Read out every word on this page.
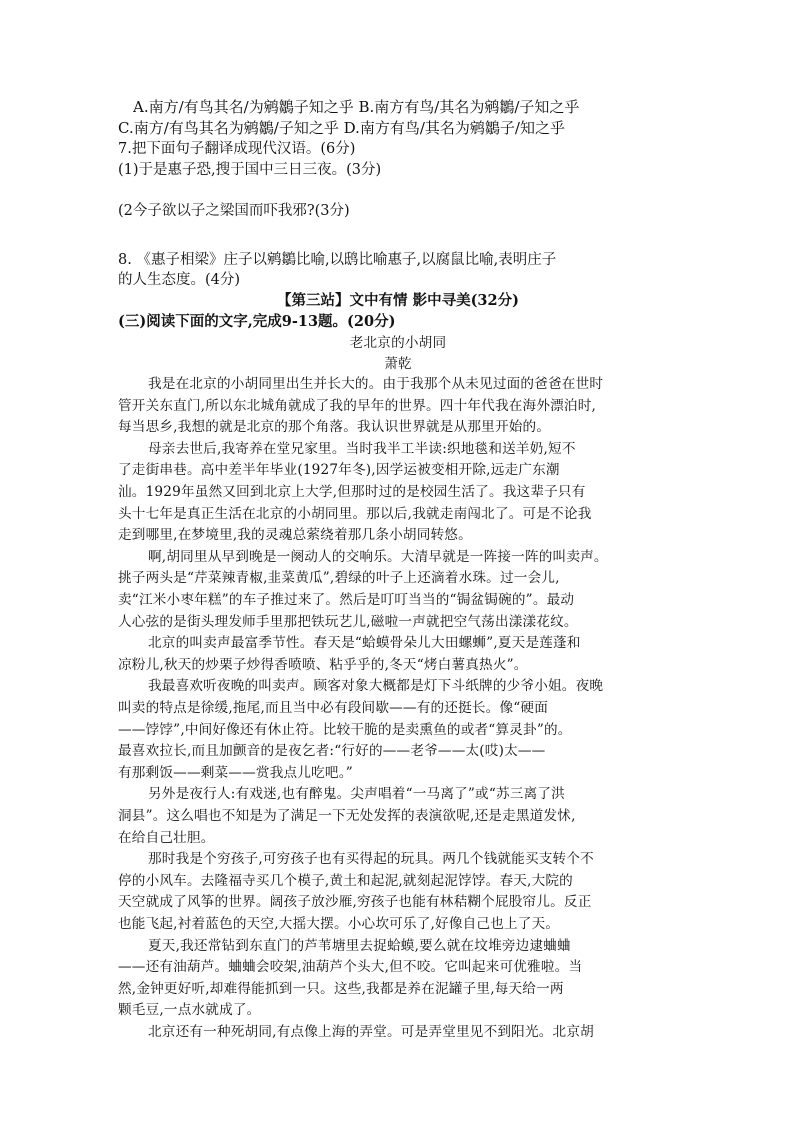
A.南方/有鸟其名/为鹓鶵子知之乎 B.南方有鸟/其名为鹓鶵/子知之乎
C.南方/有鸟其名为鹓鶵/子知之乎 D.南方有鸟/其名为鹓鶵子/知之乎
7.把下面句子翻译成现代汉语。(6分)
(1)于是惠子恐,搜于国中三日三夜。(3分)
(2今子欲以子之梁国而吓我邪?(3分)
8. 《惠子相梁》庄子以鹓鶵比喻,以鸱比喻惠子,以腐鼠比喻,表明庄子
的人生态度。(4分)
【第三站】文中有情 影中寻美(32分)
(三)阅读下面的文字,完成9-13题。(20分)
老北京的小胡同
萧乾
我是在北京的小胡同里出生并长大的。由于我那个从未见过面的爸爸在世时
管开关东直门,所以东北城角就成了我的早年的世界。四十年代我在海外漂泊时,
每当思乡,我想的就是北京的那个角落。我认识世界就是从那里开始的。
母亲去世后,我寄养在堂兄家里。当时我半工半读:织地毯和送羊奶,短不
了走街串巷。高中差半年毕业(1927年冬),因学运被变相开除,远走广东潮
汕。1929年虽然又回到北京上大学,但那时过的是校园生活了。我这辈子只有
头十七年是真正生活在北京的小胡同里。那以后,我就走南闯北了。可是不论我
走到哪里,在梦境里,我的灵魂总萦绕着那几条小胡同转悠。
啊,胡同里从早到晚是一阕动人的交响乐。大清早就是一阵接一阵的叫卖声。
挑子两头是“芹菜辣青椒,韭菜黄瓜”,碧绿的叶子上还滴着水珠。过一会儿,
卖“江米小枣年糕”的车子推过来了。然后是叮叮当当的“锔盆锔碗的”。最动
人心弦的是街头理发师手里那把铁玩艺儿,磁啦一声就把空气荡出漾漾花纹。
北京的叫卖声最富季节性。春天是“蛤蟆骨朵儿大田螺蛳”,夏天是莲蓬和
凉粉儿,秋天的炒栗子炒得香喷喷、粘乎乎的,冬天“烤白薯真热火”。
我最喜欢听夜晚的叫卖声。顾客对象大概都是灯下斗纸牌的少爷小姐。夜晚
叫卖的特点是徐缓,拖尾,而且当中必有段间歇——有的还挺长。像“硬面
——饽饽”,中间好像还有休止符。比较干脆的是卖熏鱼的或者“算灵卦”的。
最喜欢拉长,而且加颤音的是夜乞者:“行好的——老爷——太(哎)太——
有那剩饭——剩菜——赏我点儿吃吧。”
另外是夜行人:有戏迷,也有醉鬼。尖声唱着“一马离了”或“苏三离了洪
洞县”。这么唱也不知是为了满足一下无处发挥的表演欲呢,还是走黑道发怵,
在给自己壮胆。
那时我是个穷孩子,可穷孩子也有买得起的玩具。两几个钱就能买支转个不
停的小风车。去隆福寺买几个模子,黄土和起泥,就刻起泥饽饽。春天,大院的
天空就成了风筝的世界。阔孩子放沙雁,穷孩子也能有林秸糊个屁股帘儿。反正
也能飞起,衬着蓝色的天空,大摇大摆。小心坎可乐了,好像自己也上了天。
夏天,我还常钻到东直门的芦苇塘里去捉蛤蟆,要么就在坟堆旁边逮蛐蛐
——还有油葫芦。蛐蛐会咬架,油葫芦个头大,但不咬。它叫起来可优雅啦。当
然,金钟更好听,却难得能抓到一只。这些,我都是养在泥罐子里,每天给一两
颗毛豆,一点水就成了。
北京还有一种死胡同,有点像上海的弄堂。可是弄堂里见不到阳光。北京胡
